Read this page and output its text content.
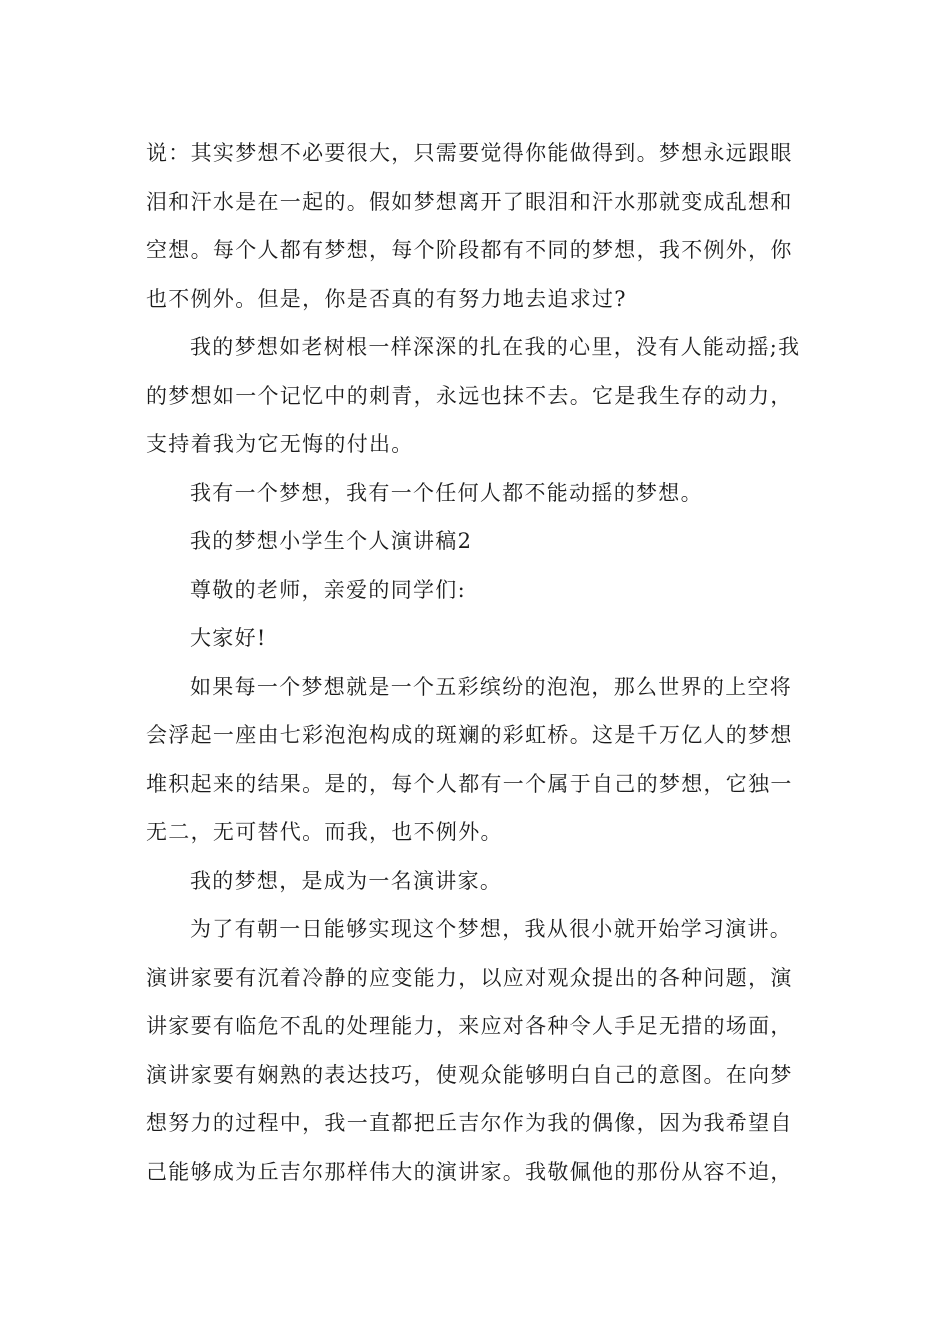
说：其实梦想不必要很大，只需要觉得你能做得到。梦想永远跟眼
泪和汗水是在一起的。假如梦想离开了眼泪和汗水那就变成乱想和
空想。每个人都有梦想，每个阶段都有不同的梦想，我不例外，你
也不例外。但是，你是否真的有努力地去追求过?
我的梦想如老树根一样深深的扎在我的心里，没有人能动摇;我
的梦想如一个记忆中的刺青，永远也抹不去。它是我生存的动力，
支持着我为它无悔的付出。
我有一个梦想，我有一个任何人都不能动摇的梦想。
我的梦想小学生个人演讲稿2
尊敬的老师，亲爱的同学们:
大家好!
如果每一个梦想就是一个五彩缤纷的泡泡，那么世界的上空将
会浮起一座由七彩泡泡构成的斑斓的彩虹桥。这是千万亿人的梦想
堆积起来的结果。是的，每个人都有一个属于自己的梦想，它独一
无二，无可替代。而我，也不例外。
我的梦想，是成为一名演讲家。
为了有朝一日能够实现这个梦想，我从很小就开始学习演讲。
演讲家要有沉着冷静的应变能力，以应对观众提出的各种问题，演
讲家要有临危不乱的处理能力，来应对各种令人手足无措的场面，
演讲家要有娴熟的表达技巧，使观众能够明白自己的意图。在向梦
想努力的过程中，我一直都把丘吉尔作为我的偶像，因为我希望自
己能够成为丘吉尔那样伟大的演讲家。我敬佩他的那份从容不迫，
